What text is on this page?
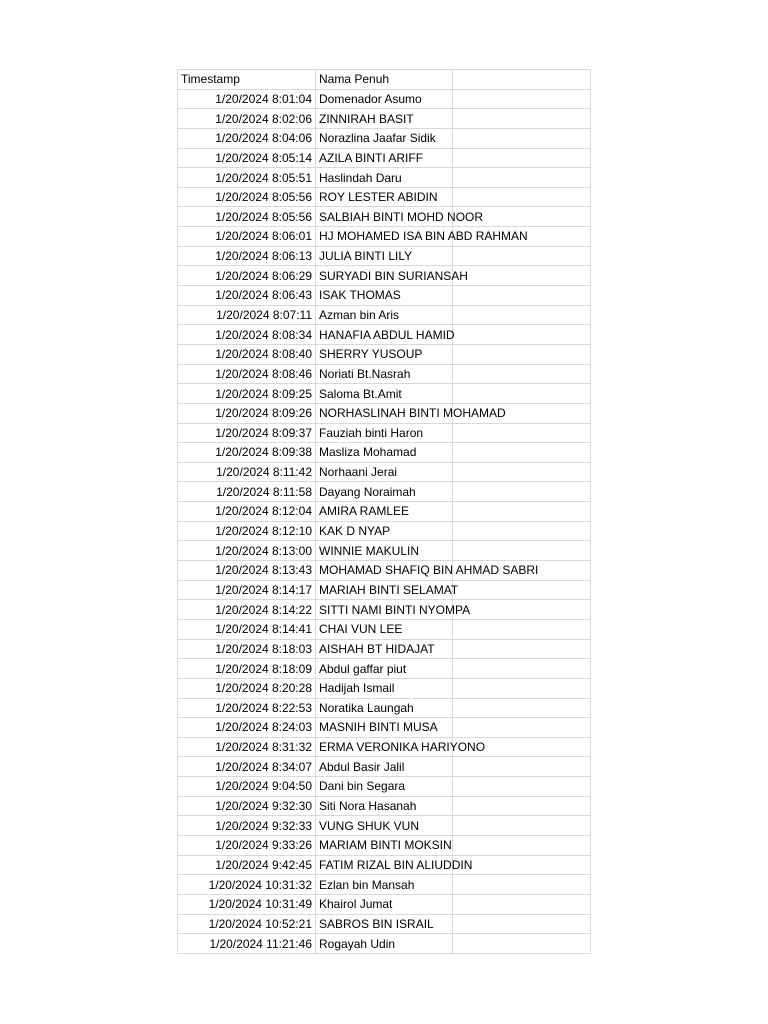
Timestamp	Nama Penuh	
1/20/2024 8:01:04	Domenador Asumo	
1/20/2024 8:02:06	ZINNIRAH BASIT	
1/20/2024 8:04:06	Norazlina Jaafar Sidik	
1/20/2024 8:05:14	AZILA BINTI ARIFF	
1/20/2024 8:05:51	Haslindah Daru	
1/20/2024 8:05:56	ROY LESTER ABIDIN	
1/20/2024 8:05:56	SALBIAH BINTI MOHD NOOR	
1/20/2024 8:06:01	HJ MOHAMED ISA BIN ABD RAHMAN	
1/20/2024 8:06:13	JULIA BINTI LILY	
1/20/2024 8:06:29	SURYADI BIN SURIANSAH	
1/20/2024 8:06:43	ISAK THOMAS	
1/20/2024 8:07:11	Azman bin Aris	
1/20/2024 8:08:34	HANAFIA ABDUL HAMID	
1/20/2024 8:08:40	SHERRY YUSOUP	
1/20/2024 8:08:46	Noriati Bt.Nasrah	
1/20/2024 8:09:25	Saloma Bt.Amit	
1/20/2024 8:09:26	NORHASLINAH BINTI MOHAMAD	
1/20/2024 8:09:37	Fauziah binti Haron	
1/20/2024 8:09:38	Masliza Mohamad	
1/20/2024 8:11:42	Norhaani Jerai	
1/20/2024 8:11:58	Dayang Noraimah	
1/20/2024 8:12:04	AMIRA RAMLEE	
1/20/2024 8:12:10	KAK D NYAP	
1/20/2024 8:13:00	WINNIE MAKULIN	
1/20/2024 8:13:43	MOHAMAD SHAFIQ BIN AHMAD SABRI	
1/20/2024 8:14:17	MARIAH BINTI SELAMAT	
1/20/2024 8:14:22	SITTI NAMI BINTI NYOMPA	
1/20/2024 8:14:41	CHAI VUN LEE	
1/20/2024 8:18:03	AISHAH BT HIDAJAT	
1/20/2024 8:18:09	Abdul gaffar piut	
1/20/2024 8:20:28	Hadijah Ismail	
1/20/2024 8:22:53	Noratika Laungah	
1/20/2024 8:24:03	MASNIH BINTI MUSA	
1/20/2024 8:31:32	ERMA VERONIKA HARIYONO	
1/20/2024 8:34:07	Abdul Basir Jalil	
1/20/2024 9:04:50	Dani bin Segara	
1/20/2024 9:32:30	Siti Nora Hasanah	
1/20/2024 9:32:33	VUNG SHUK VUN	
1/20/2024 9:33:26	MARIAM BINTI MOKSIN	
1/20/2024 9:42:45	FATIM RIZAL BIN ALIUDDIN	
1/20/2024 10:31:32	Ezlan bin Mansah	
1/20/2024 10:31:49	Khairol Jumat	
1/20/2024 10:52:21	SABROS BIN ISRAIL	
1/20/2024 11:21:46	Rogayah Udin	
